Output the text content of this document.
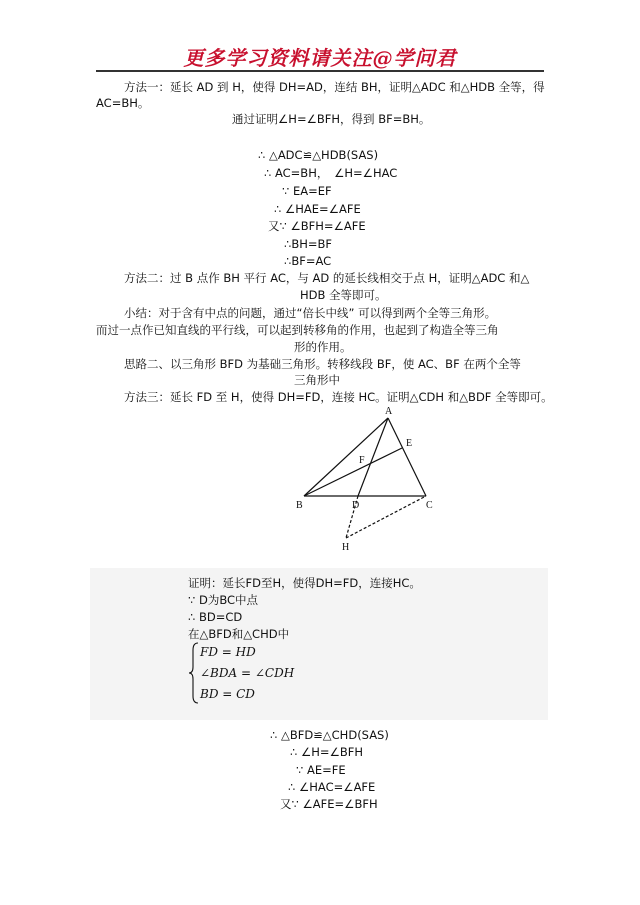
更多学习资料请关注@学问君
方法一：延长 AD 到 H，使得 DH=AD，连结 BH，证明△ADC 和△HDB 全等，得
AC=BH。
通过证明∠H=∠BFH，得到 BF=BH。
∴ △ADC≌△HDB(SAS)
∴ AC=BH，　∠H=∠HAC
∵ EA=EF
∴ ∠HAE=∠AFE
又∵ ∠BFH=∠AFE
∴BH=BF
∴BF=AC
方法二：过 B 点作 BH 平行 AC，与 AD 的延长线相交于点 H，证明△ADC 和△
HDB 全等即可。
小结：对于含有中点的问题，通过“倍长中线” 可以得到两个全等三角形。
而过一点作已知直线的平行线，可以起到转移角的作用，也起到了构造全等三角
形的作用。
思路二、以三角形 BFD 为基础三角形。转移线段 BF，使 AC、BF 在两个全等
三角形中
方法三：延长 FD 至 H，使得 DH=FD，连接 HC。证明△CDH 和△BDF 全等即可。
A
B	C
D
E
F
H
证明：延长FD至H，使得DH=FD，连接HC。
∵ D为BC中点
∴ BD=CD
在△BFD和△CHD中
FD = HD
∠BDA = ∠CDH
BD = CD
∴ △BFD≌△CHD(SAS)
∴ ∠H=∠BFH
∵ AE=FE
∴ ∠HAC=∠AFE
又∵ ∠AFE=∠BFH
